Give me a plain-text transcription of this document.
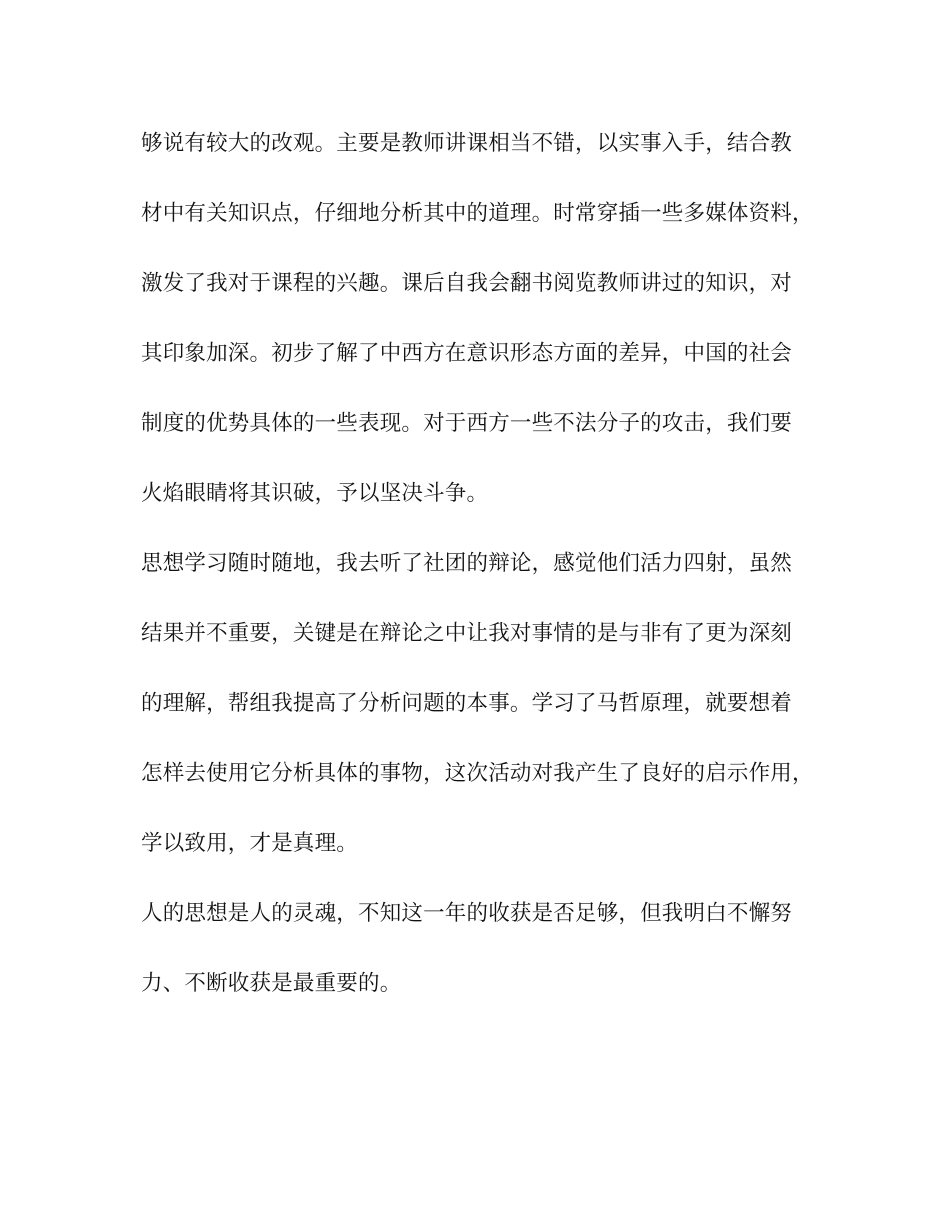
够说有较大的改观。主要是教师讲课相当不错，以实事入手，结合教
材中有关知识点，仔细地分析其中的道理。时常穿插一些多媒体资料，
激发了我对于课程的兴趣。课后自我会翻书阅览教师讲过的知识，对
其印象加深。初步了解了中西方在意识形态方面的差异，中国的社会
制度的优势具体的一些表现。对于西方一些不法分子的攻击，我们要
火焰眼睛将其识破，予以坚决斗争。
思想学习随时随地，我去听了社团的辩论，感觉他们活力四射，虽然
结果并不重要，关键是在辩论之中让我对事情的是与非有了更为深刻
的理解，帮组我提高了分析问题的本事。学习了马哲原理，就要想着
怎样去使用它分析具体的事物，这次活动对我产生了良好的启示作用，
学以致用，才是真理。
人的思想是人的灵魂，不知这一年的收获是否足够，但我明白不懈努
力、不断收获是最重要的。
